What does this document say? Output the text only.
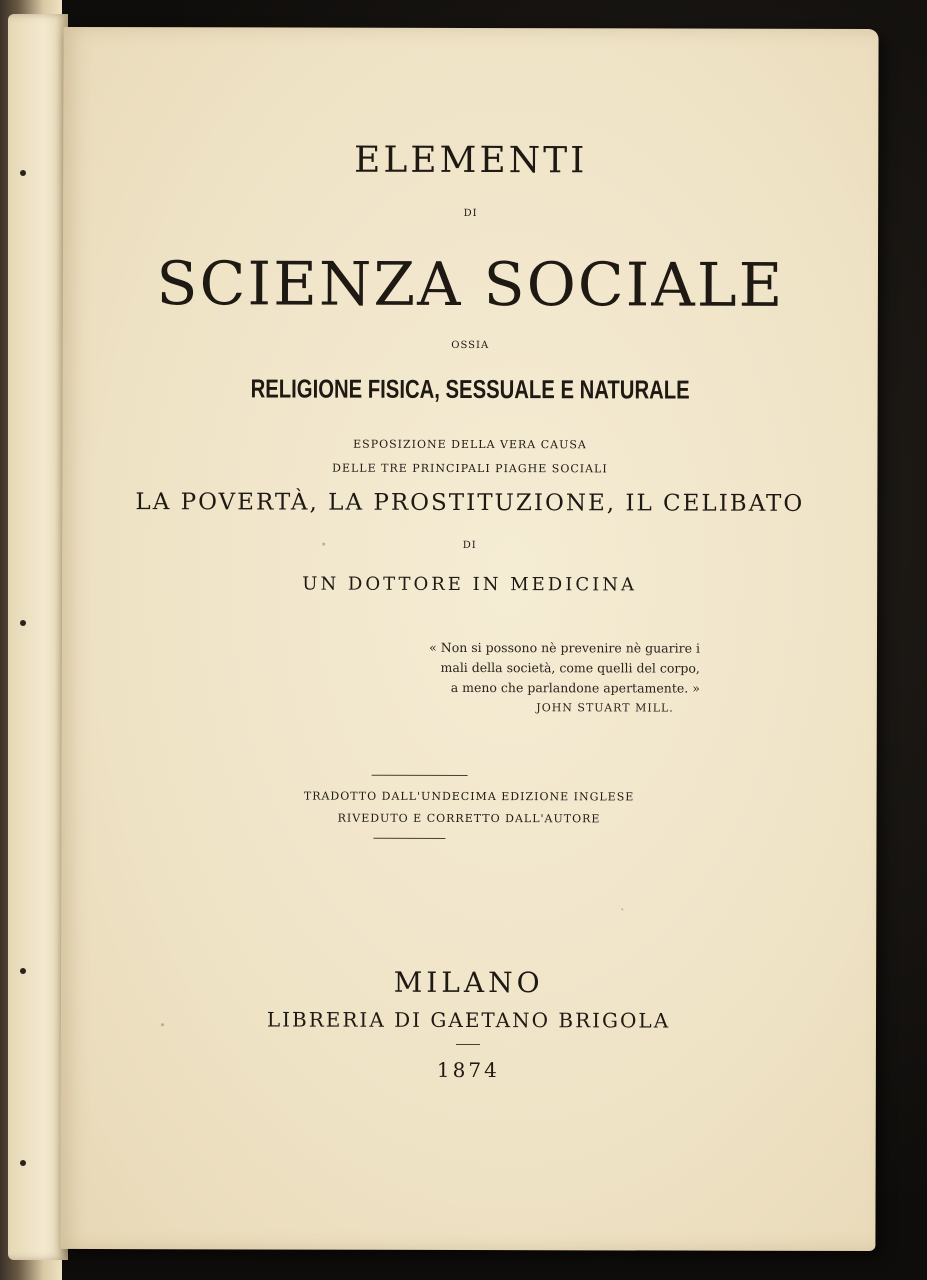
ELEMENTI
DI
SCIENZA SOCIALE
OSSIA
RELIGIONE FISICA, SESSUALE E NATURALE
ESPOSIZIONE DELLA VERA CAUSA
DELLE TRE PRINCIPALI PIAGHE SOCIALI
LA POVERTÀ, LA PROSTITUZIONE, IL CELIBATO
DI
UN DOTTORE IN MEDICINA
« Non si possono nè prevenire nè guarire i
mali della società, come quelli del corpo,
a meno che parlandone apertamente. »
JOHN STUART MILL.
TRADOTTO DALL'UNDECIMA EDIZIONE INGLESE
RIVEDUTO E CORRETTO DALL'AUTORE
MILANO
LIBRERIA DI GAETANO BRIGOLA
1874
